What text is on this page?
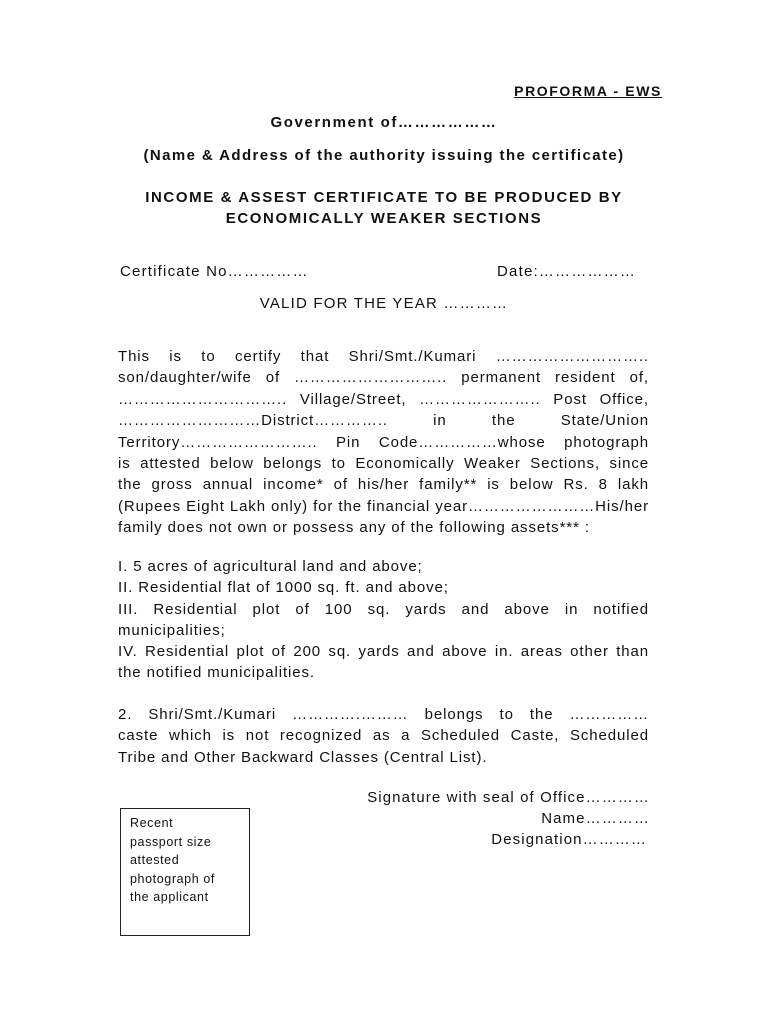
PROFORMA - EWS
Government of………………
(Name & Address of the authority issuing the certificate)
INCOME & ASSEST CERTIFICATE TO BE PRODUCED BY
ECONOMICALLY WEAKER SECTIONS
Certificate No……………	Date:………………
VALID FOR THE YEAR …………
This is to certify that Shri/Smt./Kumari ………………………..
son/daughter/wife of ……………………….. permanent resident of,
………………………….. Village/Street, ………………….. Post Office,
………………………District………….. in the State/Union
Territory…………………….. Pin Code……………whose photograph
is attested below belongs to Economically Weaker Sections, since
the gross annual income* of his/her family** is below Rs. 8 lakh
(Rupees Eight Lakh only) for the financial year……………………His/her
family does not own or possess any of the following assets*** :
I. 5 acres of agricultural land and above;
II. Residential flat of 1000 sq. ft. and above;
III. Residential plot of 100 sq. yards and above in notified
municipalities;
IV. Residential plot of 200 sq. yards and above in. areas other than
the notified municipalities.
2. Shri/Smt./Kumari ………….……… belongs to the ……………
caste which is not recognized as a Scheduled Caste, Scheduled
Tribe and Other Backward Classes (Central List).
Signature with seal of Office…………
Name…………
Designation…………
Recent
passport size
attested
photograph of
the applicant
